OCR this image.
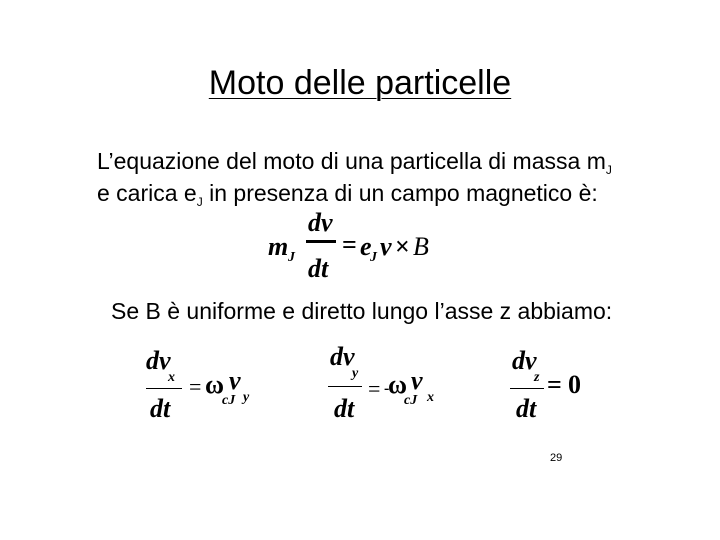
Moto delle particelle
L’equazione del moto di una particella di massa $m_J$
e carica $e_J$ in presenza di un campo magnetico è:
m J
dv
dt
= e
J v × B
Se B è uniforme e diretto lungo l’asse z abbiamo:
dv
x
dt
= ω
cJ
v
y
dv
y
dt
= -
ω
cJ
v
x
dv
z
dt
= 0
29
